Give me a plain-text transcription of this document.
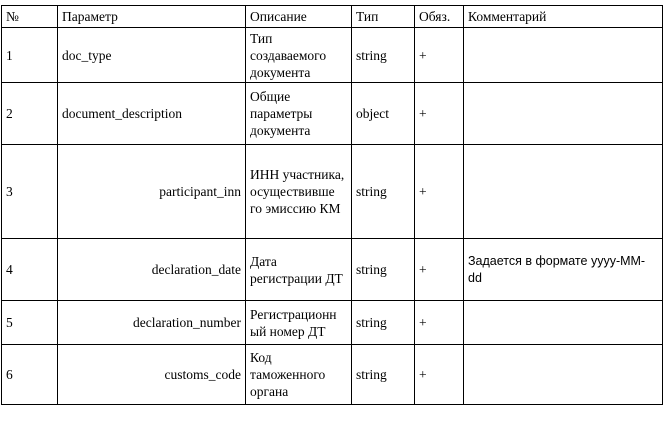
№	Параметр	Описание	Тип	Обяз.	Комментарий
1	doc_type	Тип создаваемого документа	string	+	
2	document_description	Общие параметры документа	object	+	
3	participant_inn	ИНН участника, осуществивше го эмиссию КМ	string	+	
4	declaration_date	Дата регистрации ДТ	string	+	Задается в формате yyyy-MM-dd
5	declaration_number	Регистрационн ый номер ДТ	string	+	
6	customs_code	Код таможенного органа	string	+	
